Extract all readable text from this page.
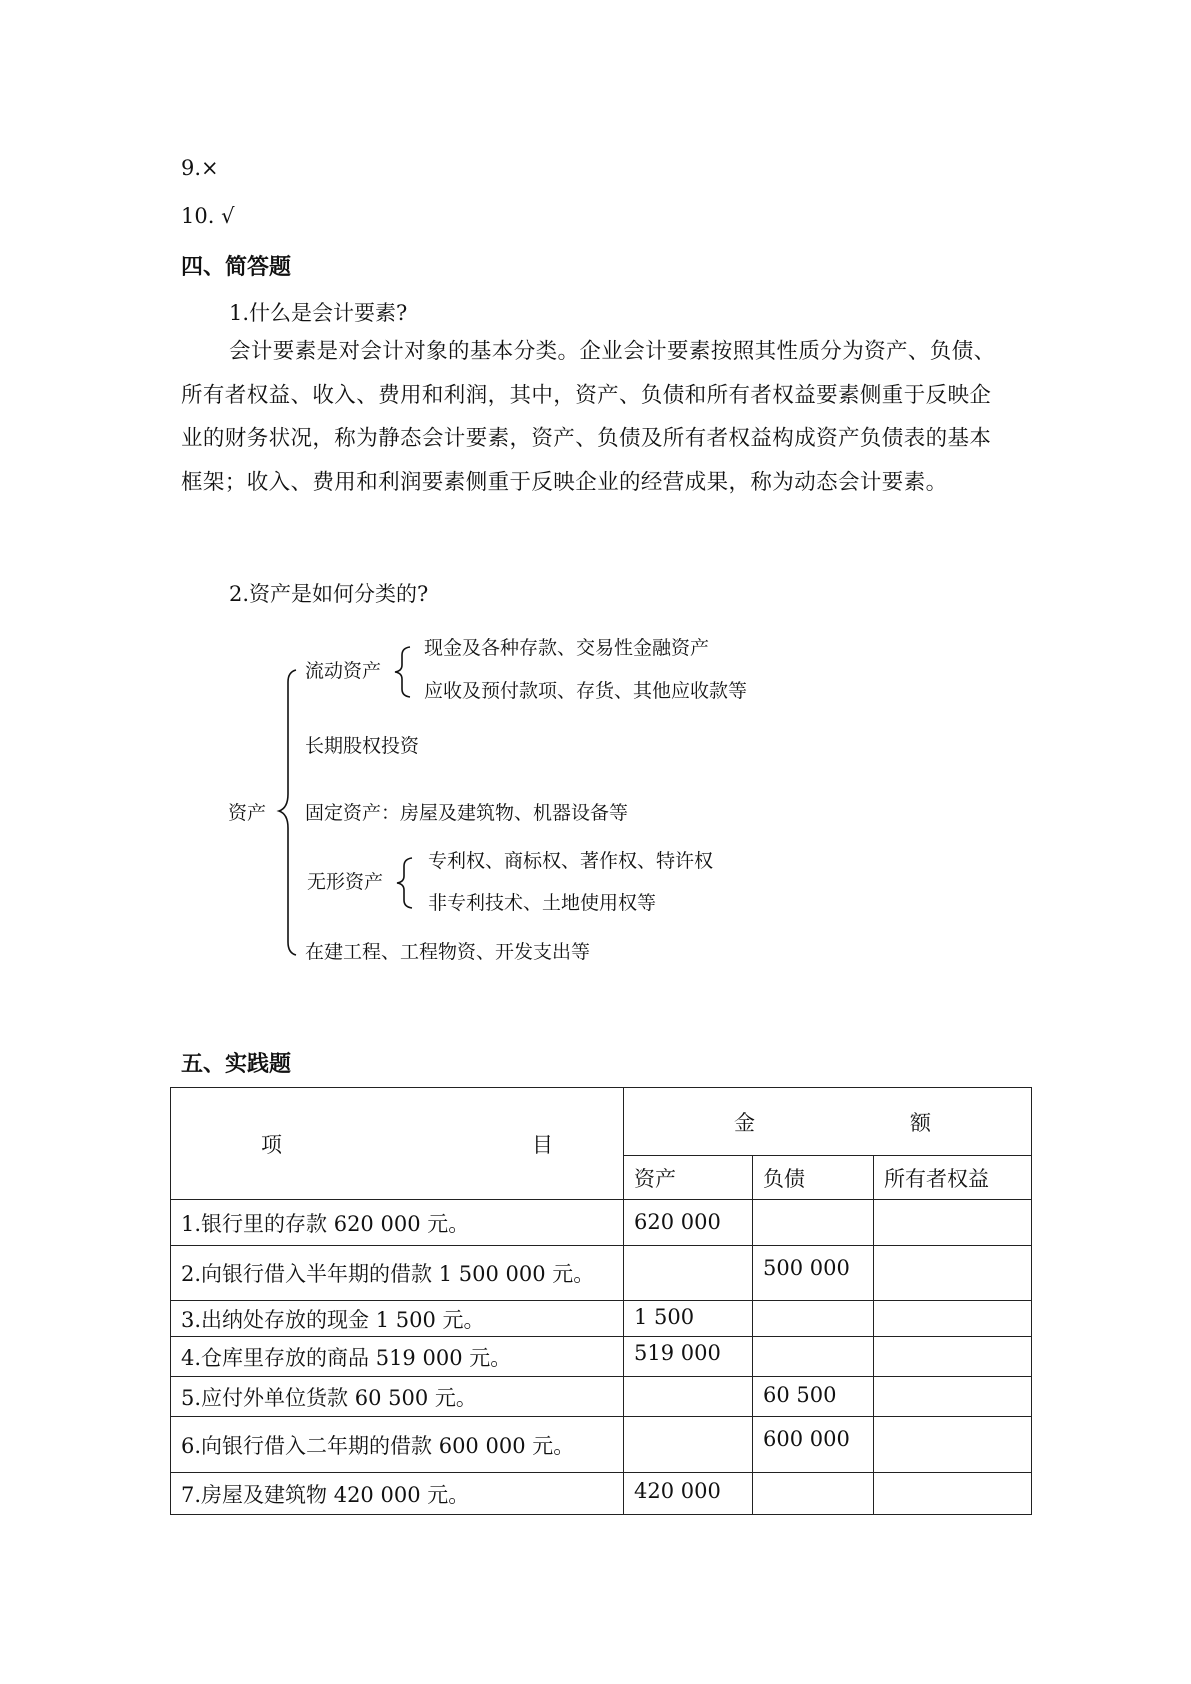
9.×
10. √
四、简答题
1.什么是会计要素?

会计要素是对会计对象的基本分类。企业会计要素按照其性质分为资产、负债、所有者权益、收入、费用和利润，其中，资产、负债和所有者权益要素侧重于反映企业的财务状况，称为静态会计要素，资产、负债及所有者权益构成资产负债表的基本框架；收入、费用和利润要素侧重于反映企业的经营成果，称为动态会计要素。

2.资产是如何分类的?
资产
流动资产
现金及各种存款、交易性金融资产
应收及预付款项、存货、其他应收款等
长期股权投资
固定资产：房屋及建筑物、机器设备等
无形资产
专利权、商标权、著作权、特许权
非专利技术、土地使用权等
在建工程、工程物资、开发支出等
五、实践题
项 目	金 额		

	资产	负债	所有者权益
1.银行里的存款 620 000 元。	620 000		
2.向银行借入半年期的借款 1 500 000 元。		500 000	
3.出纳处存放的现金 1 500 元。	1 500		
4.仓库里存放的商品 519 000 元。	519 000		
5.应付外单位货款 60 500 元。		60 500	
6.向银行借入二年期的借款 600 000 元。		600 000	
7.房屋及建筑物 420 000 元。	420 000		
